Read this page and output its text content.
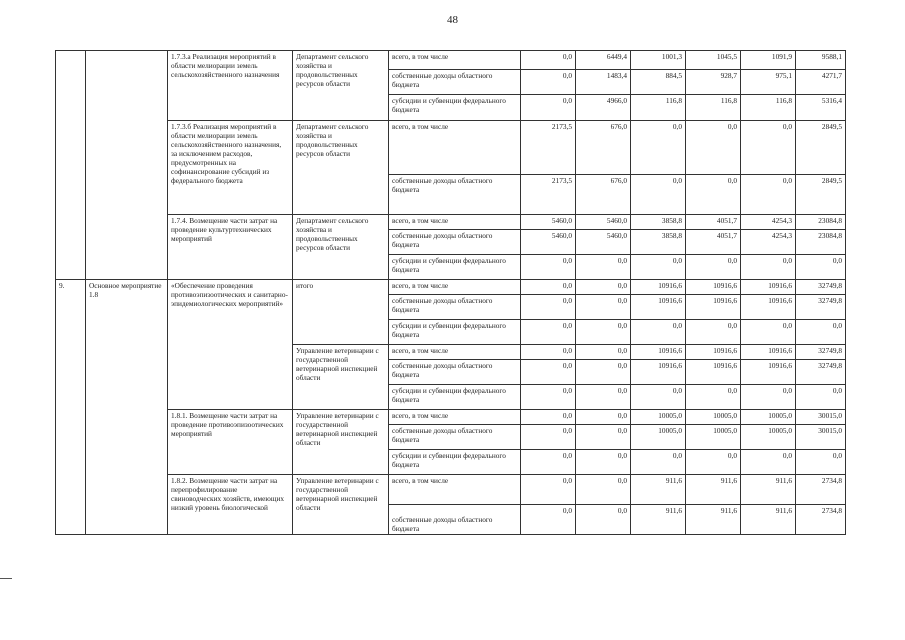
48
		1.7.3.а Реализация мероприятий в области мелиорации земель сельскохозяйственного назначения	Департамент сельского хозяйства и продовольственных ресурсов области	всего, в том числе	0,0	6449,4	1001,3	1045,5	1091,9	9588,1
				собственные доходы областного бюджета	0,0	1483,4	884,5	928,7	975,1	4271,7
				субсидии и субвенции федерального бюджета	0,0	4966,0	116,8	116,8	116,8	5316,4
		1.7.3.б Реализация мероприятий в области мелиорации земель сельскохозяйственного назначения, за исключением расходов, предусмотренных на софинансирование субсидий из федерального бюджета	Департамент сельского хозяйства и продовольственных ресурсов области	всего, в том числе	2173,5	676,0	0,0	0,0	0,0	2849,5
				собственные доходы областного бюджета	2173,5	676,0	0,0	0,0	0,0	2849,5
		1.7.4. Возмещение части затрат на проведение культуртехнических мероприятий	Департамент сельского хозяйства и продовольственных ресурсов области	всего, в том числе	5460,0	5460,0	3858,8	4051,7	4254,3	23084,8
				собственные доходы областного бюджета	5460,0	5460,0	3858,8	4051,7	4254,3	23084,8
				субсидии и субвенции федерального бюджета	0,0	0,0	0,0	0,0	0,0	0,0
9.	Основное мероприятие 1.8	«Обеспечение проведения противоэпизоотических и санитарно-эпидемиологических мероприятий»	итого	всего, в том числе	0,0	0,0	10916,6	10916,6	10916,6	32749,8
				собственные доходы областного бюджета	0,0	0,0	10916,6	10916,6	10916,6	32749,8
				субсидии и субвенции федерального бюджета	0,0	0,0	0,0	0,0	0,0	0,0
			Управление ветеринарии с государственной ветеринарной инспекцией области	всего, в том числе	0,0	0,0	10916,6	10916,6	10916,6	32749,8
				собственные доходы областного бюджета	0,0	0,0	10916,6	10916,6	10916,6	32749,8
				субсидии и субвенции федерального бюджета	0,0	0,0	0,0	0,0	0,0	0,0
		1.8.1. Возмещение части затрат на проведение противоэпизоотических мероприятий	Управление ветеринарии с государственной ветеринарной инспекцией области	всего, в том числе	0,0	0,0	10005,0	10005,0	10005,0	30015,0
				собственные доходы областного бюджета	0,0	0,0	10005,0	10005,0	10005,0	30015,0
				субсидии и субвенции федерального бюджета	0,0	0,0	0,0	0,0	0,0	0,0
		1.8.2. Возмещение части затрат на перепрофилирование свиноводческих хозяйств, имеющих низкий уровень биологической	Управление ветеринарии с государственной ветеринарной инспекцией области	всего, в том числе	0,0	0,0	911,6	911,6	911,6	2734,8
				собственные доходы областного бюджета	0,0	0,0	911,6	911,6	911,6	2734,8
